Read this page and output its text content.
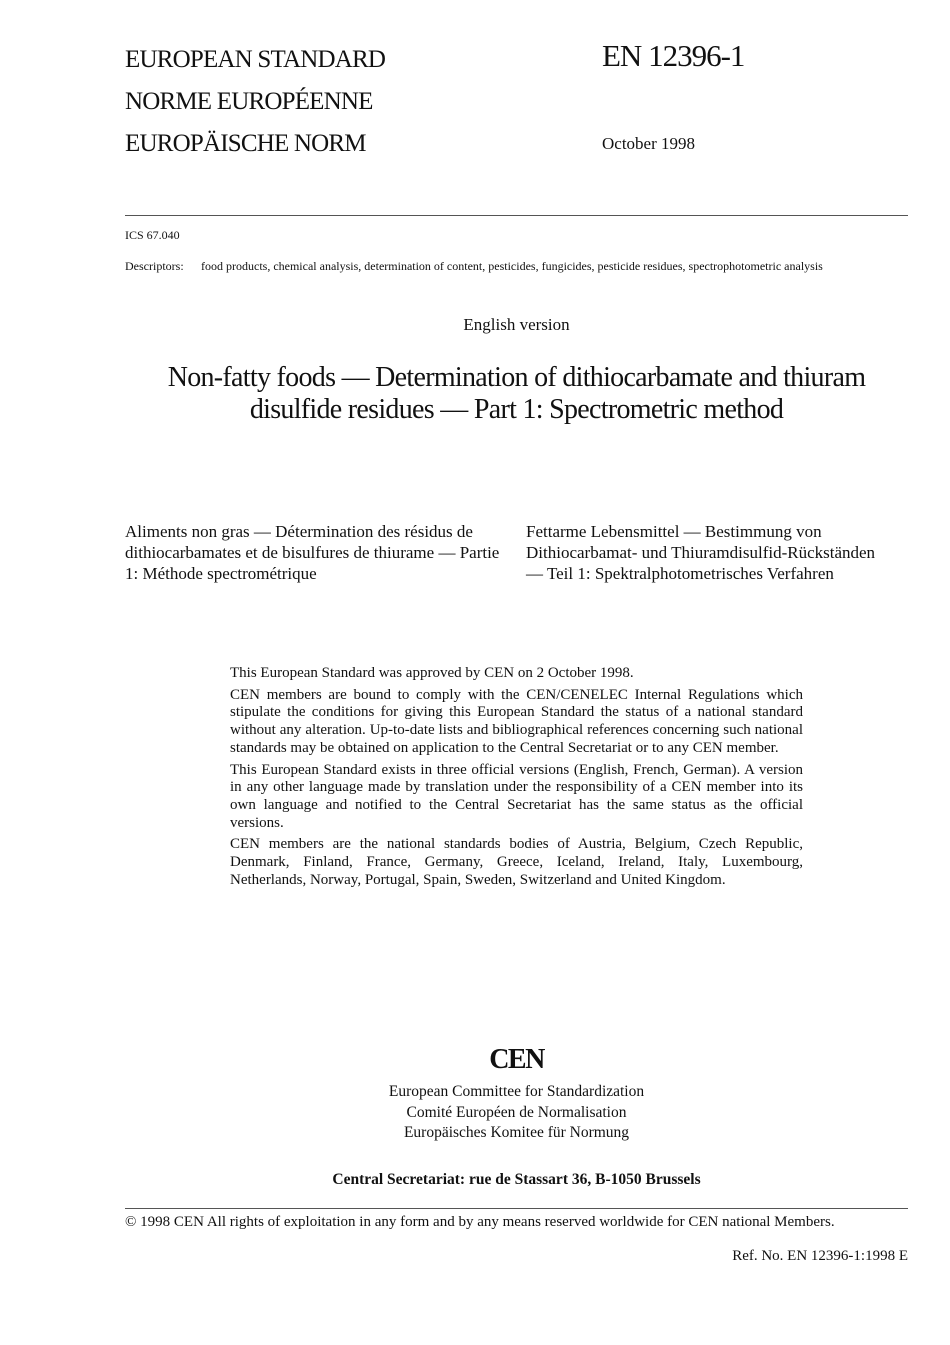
EUROPEAN STANDARD
NORME EUROPÉENNE
EUROPÄISCHE NORM
EN 12396-1
October 1998
ICS 67.040
Descriptors: food products, chemical analysis, determination of content, pesticides, fungicides, pesticide residues, spectrophotometric analysis
English version
Non-fatty foods — Determination of dithiocarbamate and thiuram disulfide residues — Part 1: Spectrometric method
Aliments non gras — Détermination des résidus de dithiocarbamates et de bisulfures de thiurame — Partie 1: Méthode spectrométrique
Fettarme Lebensmittel — Bestimmung von Dithiocarbamat- und Thiuramdisulfid-Rückständen — Teil 1: Spektralphotometrisches Verfahren

This European Standard was approved by CEN on 2 October 1998.

CEN members are bound to comply with the CEN/CENELEC Internal Regulations which stipulate the conditions for giving this European Standard the status of a national standard without any alteration. Up-to-date lists and bibliographical references concerning such national standards may be obtained on application to the Central Secretariat or to any CEN member.

This European Standard exists in three official versions (English, French, German). A version in any other language made by translation under the responsibility of a CEN member into its own language and notified to the Central Secretariat has the same status as the official versions.

CEN members are the national standards bodies of Austria, Belgium, Czech Republic, Denmark, Finland, France, Germany, Greece, Iceland, Ireland, Italy, Luxembourg, Netherlands, Norway, Portugal, Spain, Sweden, Switzerland and United Kingdom.

CEN
European Committee for Standardization
Comité Européen de Normalisation
Europäisches Komitee für Normung
Central Secretariat: rue de Stassart 36, B-1050 Brussels
© 1998 CEN All rights of exploitation in any form and by any means reserved worldwide for CEN national Members.
Ref. No. EN 12396-1:1998 E
